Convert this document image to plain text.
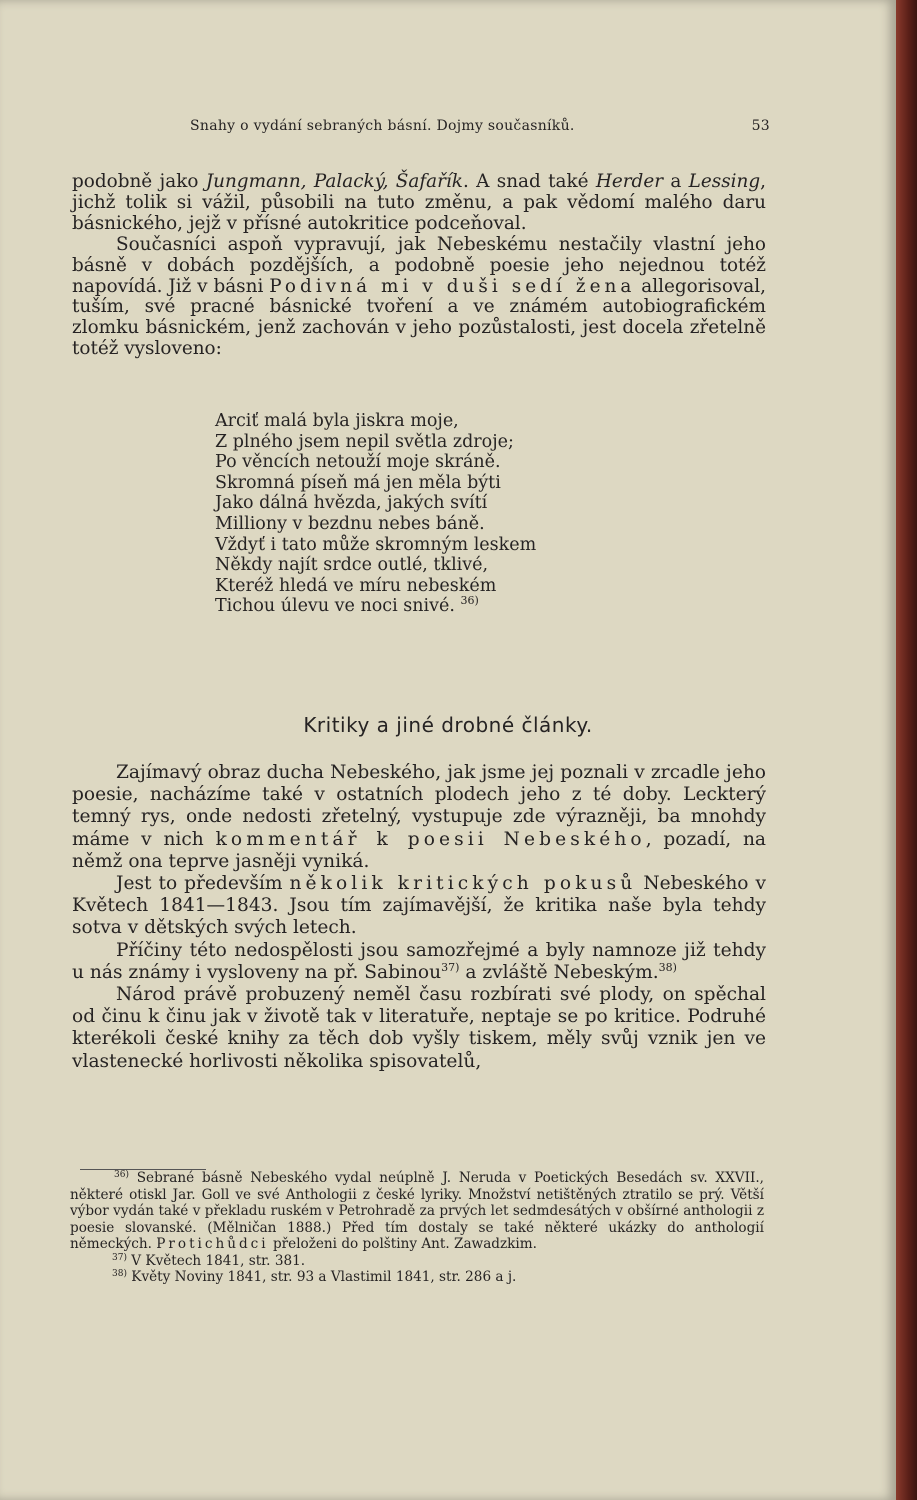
Snahy o vydání sebraných básní. Dojmy současníků.	53

podobně jako Jungmann, Palacký, Šafařík. A snad také Herder a Lessing, jichž tolik si vážil, působili na tuto změnu, a pak vědomí malého daru básnického, jejž v přísné autokritice podceňoval.

Současníci aspoň vypravují, jak Nebeskému nestačily vlastní jeho básně v dobách pozdějších, a podobně poesie jeho nejednou totéž napovídá. Již v básni Podivná mi v duši sedí žena allegorisoval, tuším, své pracné básnické tvoření a ve známém autobiografickém zlomku básnickém, jenž zachován v jeho pozůstalosti, jest docela zřetelně totéž vysloveno:

Arciť malá byla jiskra moje,
Z plného jsem nepil světla zdroje;
Po věncích netouží moje skráně.
Skromná píseň má jen měla býti
Jako dálná hvězda, jakých svítí
Milliony v bezdnu nebes báně.
Vždyť i tato může skromným leskem
Někdy najít srdce outlé, tklivé,
Kteréž hledá ve míru nebeském
Tichou úlevu ve noci snivé. $^{36)}$
Kritiky a jiné drobné články.

Zajímavý obraz ducha Nebeského, jak jsme jej poznali v zrcadle jeho poesie, nacházíme také v ostatních plodech jeho z té doby. Leckterý temný rys, onde nedosti zřetelný, vystupuje zde výrazněji, ba mnohdy máme v nich kommentář k poesii Nebeského, pozadí, na němž ona teprve jasněji vyniká.

Jest to především několik kritických pokusů Nebeského v Květech 1841—1843. Jsou tím zajímavější, že kritika naše byla tehdy sotva v dětských svých letech.

Příčiny této nedospělosti jsou samozřejmé a byly namnoze již tehdy u nás známy i vysloveny na př. Sabinou$^{37)}$ a zvláště Nebeským.$^{38)}$

Národ právě probuzený neměl času rozbírati své plody, on spěchal od činu k činu jak v životě tak v literatuře, neptaje se po kritice. Podruhé kterékoli české knihy za těch dob vyšly tiskem, měly svůj vznik jen ve vlastenecké horlivosti několika spisovatelů,

$^{36)}$ Sebrané básně Nebeského vydal neúplně J. Neruda v Poetických Besedách sv. XXVII., některé otiskl Jar. Goll ve své Anthologii z české lyriky. Množství netištěných ztratilo se prý. Větší výbor vydán také v překladu ruském v Petrohradě za prvých let sedmdesátých v obšírné anthologii z poesie slovanské. (Mělničan 1888.) Před tím dostaly se také některé ukázky do anthologií německých. Protichůdci přeloženi do polštiny Ant. Zawadzkim.

$^{37)}$ V Květech 1841, str. 381.

$^{38)}$ Květy Noviny 1841, str. 93 a Vlastimil 1841, str. 286 a j.
